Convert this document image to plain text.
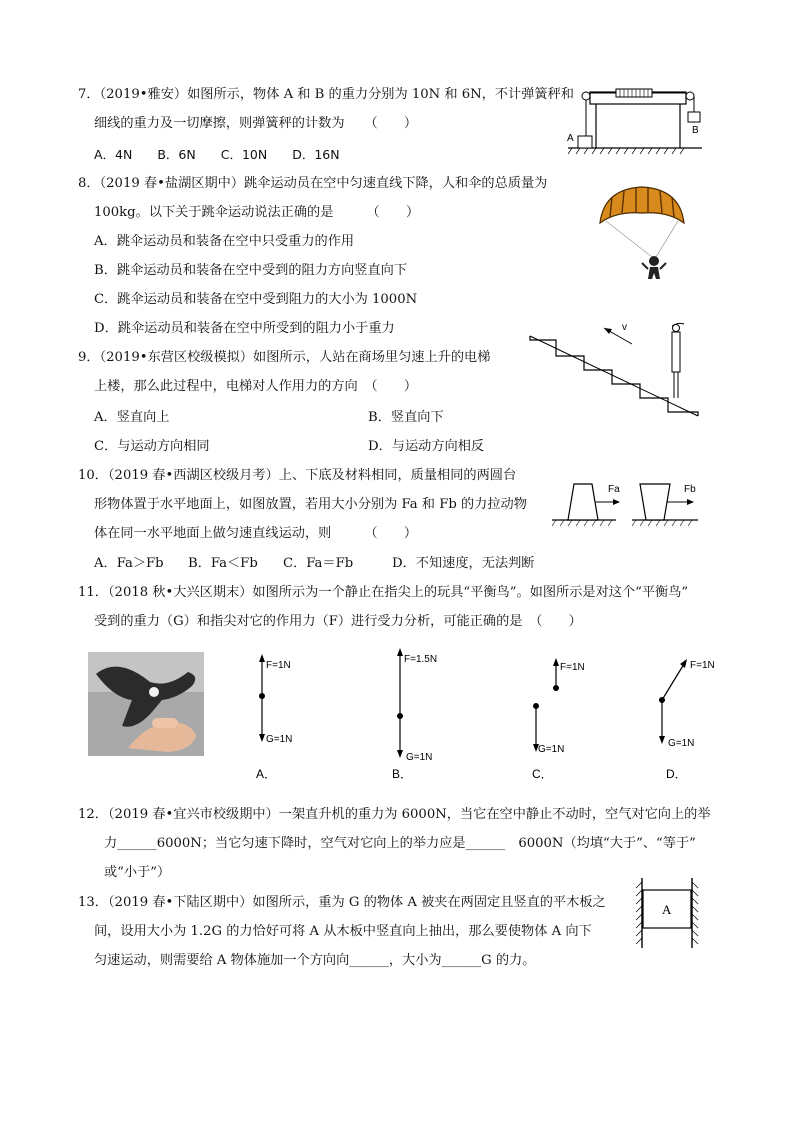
7．（2019•雅安）如图所示，物体 A 和 B 的重力分别为 10N 和 6N，不计弹簧秤和
细线的重力及一切摩擦，则弹簧秤的计数为　　（　　）
A．4N　　B．6N　　C．10N　　D．16N
A
B
8．（2019 春•盐湖区期中）跳伞运动员在空中匀速直线下降，人和伞的总质量为
100kg。以下关于跳伞运动说法正确的是　　　（　　）
A．跳伞运动员和装备在空中只受重力的作用
B．跳伞运动员和装备在空中受到的阻力方向竖直向下
C．跳伞运动员和装备在空中受到阻力的大小为 1000N
D．跳伞运动员和装备在空中所受到的阻力小于重力
9．（2019•东营区校级模拟）如图所示，人站在商场里匀速上升的电梯
上楼，那么此过程中，电梯对人作用力的方向　（　　）
A．竖直向上	B．竖直向下
C．与运动方向相同	D．与运动方向相反
v
10．（2019 春•西湖区校级月考）上、下底及材料相同，质量相同的两圆台
形物体置于水平地面上，如图放置，若用大小分别为 Fa 和 Fb 的力拉动物
体在同一水平地面上做匀速直线运动，则　　　（　　）
A．Fa＞Fb B．Fa＜Fb C．Fa＝Fb	D．不知速度，无法判断
Fa	Fb
11．（2018 秋•大兴区期末）如图所示为一个静止在指尖上的玩具“平衡鸟”。如图所示是对这个“平衡鸟”
受到的重力（G）和指尖对它的作用力（F）进行受力分析，可能正确的是　（　　）
F=1N
G=1N
A．
F=1.5N
G=1N
B．
F=1N
G=1N
C．
F=1N
G=1N
D．
12．（2019 春•宜兴市校级期中）一架直升机的重力为 6000N，当它在空中静止不动时，空气对它向上的举
力______6000N；当它匀速下降时，空气对它向上的举力应是______　6000N（均填“大于”、“等于”
或“小于”）
13．（2019 春•下陆区期中）如图所示，重为 G 的物体 A 被夹在两固定且竖直的平木板之
间，设用大小为 1.2G 的力恰好可将 A 从木板中竖直向上抽出，那么要使物体 A 向下
匀速运动，则需要给 A 物体施加一个方向向______，大小为______G 的力。
A
